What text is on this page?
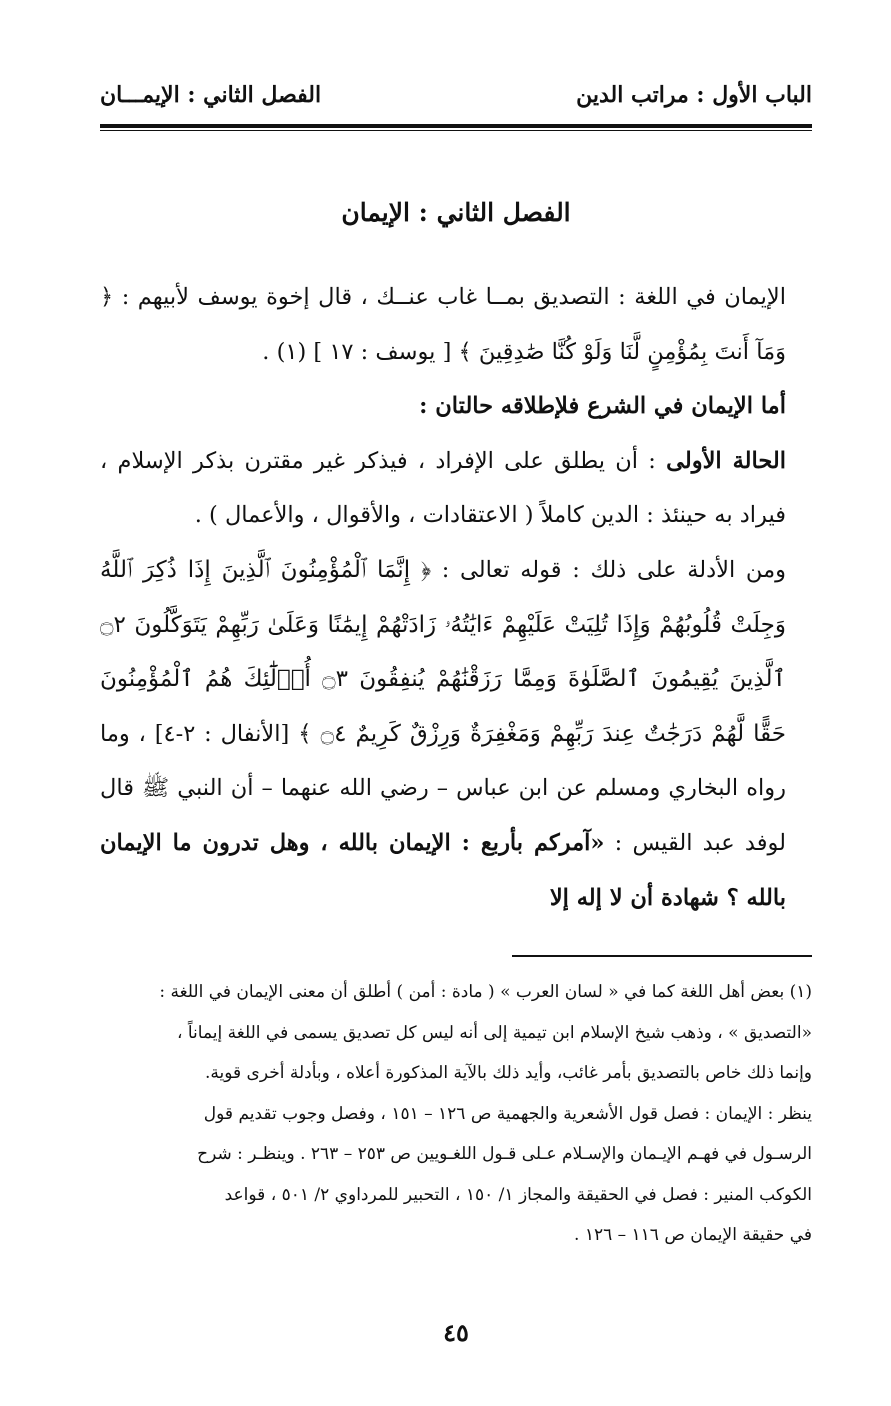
الباب الأول : مراتب الدين
الفصل الثاني : الإيمـــان
الفصل الثاني : الإيمان

الإيمان في اللغة : التصديق بمــا غاب عنــك ، قال إخوة يوسف لأبيهم : ﴿ وَمَآ أَنتَ بِمُؤْمِنٍ لَّنَا وَلَوْ كُنَّا صَٰدِقِينَ ﴾ [ يوسف : ١٧ ] (١) .

أما الإيمان في الشرع فلإطلاقه حالتان :

الحالة الأولى : أن يطلق على الإفراد ، فيذكر غير مقترن بذكر الإسلام ، فيراد به حينئذ : الدين كاملاً ( الاعتقادات ، والأقوال ، والأعمال ) .

ومن الأدلة على ذلك : قوله تعالى : ﴿ إِنَّمَا ٱلْمُؤْمِنُونَ ٱلَّذِينَ إِذَا ذُكِرَ ٱللَّهُ وَجِلَتْ قُلُوبُهُمْ وَإِذَا تُلِيَتْ عَلَيْهِمْ ءَايَٰتُهُۥ زَادَتْهُمْ إِيمَٰنًا وَعَلَىٰ رَبِّهِمْ يَتَوَكَّلُونَ ۝٢ ٱلَّذِينَ يُقِيمُونَ ٱلصَّلَوٰةَ وَمِمَّا رَزَقْنَٰهُمْ يُنفِقُونَ ۝٣ أُو۟لَٰٓئِكَ هُمُ ٱلْمُؤْمِنُونَ حَقًّا لَّهُمْ دَرَجَٰتٌ عِندَ رَبِّهِمْ وَمَغْفِرَةٌ وَرِزْقٌ كَرِيمٌ ۝٤ ﴾ [الأنفال : ٢-٤] ، وما رواه البخاري ومسلم عن ابن عباس – رضي الله عنهما – أن النبي ﷺ قال لوفد عبد القيس : «آمركم بأربع : الإيمان بالله ، وهل تدرون ما الإيمان بالله ؟ شهادة أن لا إله إلا

(١) بعض أهل اللغة كما في « لسان العرب » ( مادة : أمن ) أطلق أن معنى الإيمان في اللغة :

«التصديق » ، وذهب شيخ الإسلام ابن تيمية إلى أنه ليس كل تصديق يسمى في اللغة إيماناً ،

وإنما ذلك خاص بالتصديق بأمر غائب، وأيد ذلك بالآية المذكورة أعلاه ، وبأدلة أخرى قوية.

ينظر : الإيمان : فصل قول الأشعرية والجهمية ص ١٢٦ – ١٥١ ، وفصل وجوب تقديم قول

الرسـول في فهـم الإيـمان والإسـلام عـلى قـول اللغـويين ص ٢٥٣ – ٢٦٣ . وينظـر : شرح

الكوكب المنير : فصل في الحقيقة والمجاز ١/ ١٥٠ ، التحبير للمرداوي ٢/ ٥٠١ ، قواعد

في حقيقة الإيمان ص ١١٦ – ١٢٦ .

٤٥
